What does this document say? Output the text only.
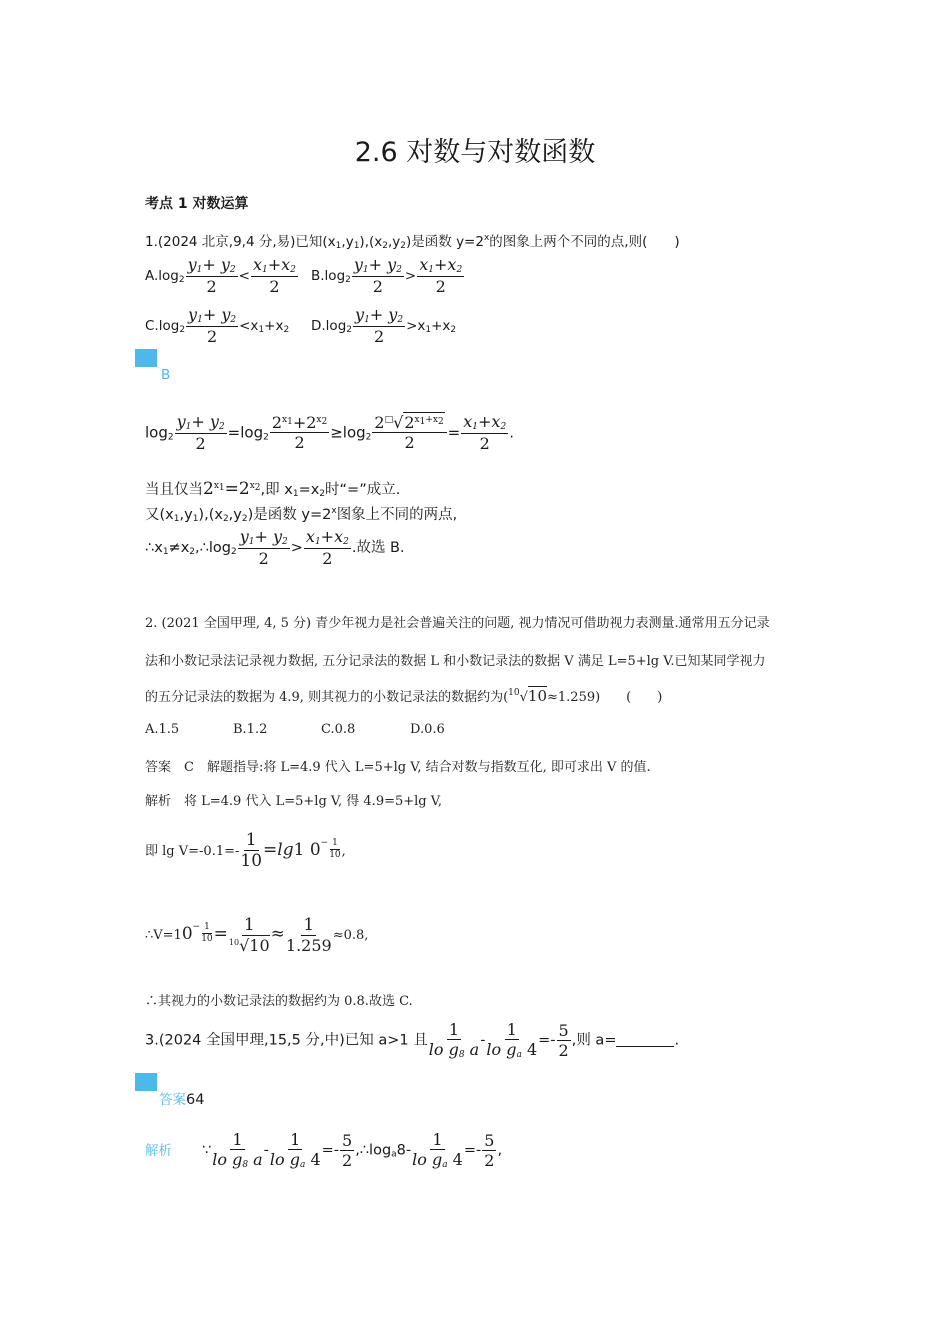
2.6 对数与对数函数
考点 1 对数运算
1.(2024 北京,9,4 分,易)已知$(x_1,y_1),(x_2,y_2)$是函数 $y=2^x$的图象上两个不同的点,则(　　)
$A.\log_2 \frac{y_1+ y_2}{2} < \frac{x_1+x_2}{2} B.\log_2 \frac{y_1+ y_2}{2} > \frac{x_1+x_2}{2}$
$C.\log_2 \frac{y_1+ y_2}{2} <x_1+x_2$ $D.\log_2 \frac{y_1+ y_2}{2} >x_1+x_2$
B
$\log_2 \frac{y_1+ y_2}{2} =\log_2 \frac{2^{x_1}+2^{x_2}}{2} \ge\log_2 \frac{2^□√2^{x_1+x_2}}{2} = \frac{x_1+x_2}{2}$ .
当且仅当$2^{x_1}=2^{x_2}$,即 $x_1=x_2$时“=”成立.
又$(x_1,y_1),(x_2,y_2)$是函数 $y=2^x$图象上不同的两点,
$\therefore x_1\ne x_2,\therefore\log_2 \frac{y_1+ y_2}{2} > \frac{x_1+x_2}{2}$ .故选 B.
2. (2021 全国甲理, 4, 5 分) 青少年视力是社会普遍关注的问题, 视力情况可借助视力表测量.通常用五分记录
法和小数记录法记录视力数据, 五分记录法的数据 L 和小数记录法的数据 V 满足 L=5+lg V.已知某同学视力
的五分记录法的数据为 4.9, 则其视力的小数记录法的数据约为($^{10}$√10≈1.259)　　(　　)
A.1.5	B.1.2	C.0.8	D.0.6
答案　C　解题指导:将 L=4.9 代入 L=5+lg V, 结合对数与指数互化, 即可求出 V 的值.
解析　将 L=4.9 代入 L=5+lg V, 得 4.9=5+lg V,
即 $\lg V=-0.1=- \frac{1}{10} =\lg 1$ $0^{- \frac{1}{10}}$ ,
$\therefore V=10^{- \frac{1}{10}} = \frac{1}{^{10}√10} \approx \frac{1}{1.259} \approx 0.8$,
∴其视力的小数记录法的数据约为 0.8.故选 C.
3.(2024 全国甲理,15,5 分,中)已知 a>1 且 $\frac{1}{lo g_8 a} - \frac{1}{lo g_a 4} =- \frac{5}{2}$ ,则 a=	.
答案64
解析 ∵ $\frac{1}{lo g_8 a} - \frac{1}{lo g_a 4} =- \frac{5}{2}$ $,\therefore\log_a8- \frac{1}{lo g_a 4} =- \frac{5}{2}$ ,
